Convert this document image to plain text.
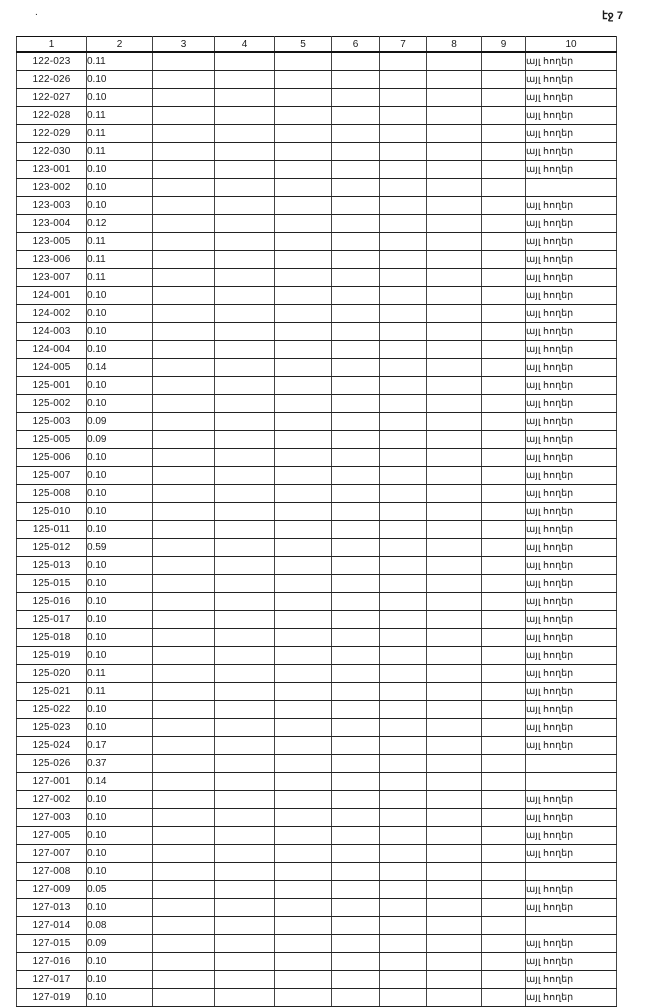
.	էջ 7
1	2	3	4	5	6	7	8	9	10
122-023	0.11								այլ հողեր
122-026	0.10								այլ հողեր
122-027	0.10								այլ հողեր
122-028	0.11								այլ հողեր
122-029	0.11								այլ հողեր
122-030	0.11								այլ հողեր
123-001	0.10								այլ հողեր
123-002	0.10								
123-003	0.10								այլ հողեր
123-004	0.12								այլ հողեր
123-005	0.11								այլ հողեր
123-006	0.11								այլ հողեր
123-007	0.11								այլ հողեր
124-001	0.10								այլ հողեր
124-002	0.10								այլ հողեր
124-003	0.10								այլ հողեր
124-004	0.10								այլ հողեր
124-005	0.14								այլ հողեր
125-001	0.10								այլ հողեր
125-002	0.10								այլ հողեր
125-003	0.09								այլ հողեր
125-005	0.09								այլ հողեր
125-006	0.10								այլ հողեր
125-007	0.10								այլ հողեր
125-008	0.10								այլ հողեր
125-010	0.10								այլ հողեր
125-011	0.10								այլ հողեր
125-012	0.59								այլ հողեր
125-013	0.10								այլ հողեր
125-015	0.10								այլ հողեր
125-016	0.10								այլ հողեր
125-017	0.10								այլ հողեր
125-018	0.10								այլ հողեր
125-019	0.10								այլ հողեր
125-020	0.11								այլ հողեր
125-021	0.11								այլ հողեր
125-022	0.10								այլ հողեր
125-023	0.10								այլ հողեր
125-024	0.17								այլ հողեր
125-026	0.37								
127-001	0.14								
127-002	0.10								այլ հողեր
127-003	0.10								այլ հողեր
127-005	0.10								այլ հողեր
127-007	0.10								այլ հողեր
127-008	0.10								
127-009	0.05								այլ հողեր
127-013	0.10								այլ հողեր
127-014	0.08								
127-015	0.09								այլ հողեր
127-016	0.10								այլ հողեր
127-017	0.10								այլ հողեր
127-019	0.10								այլ հողեր
